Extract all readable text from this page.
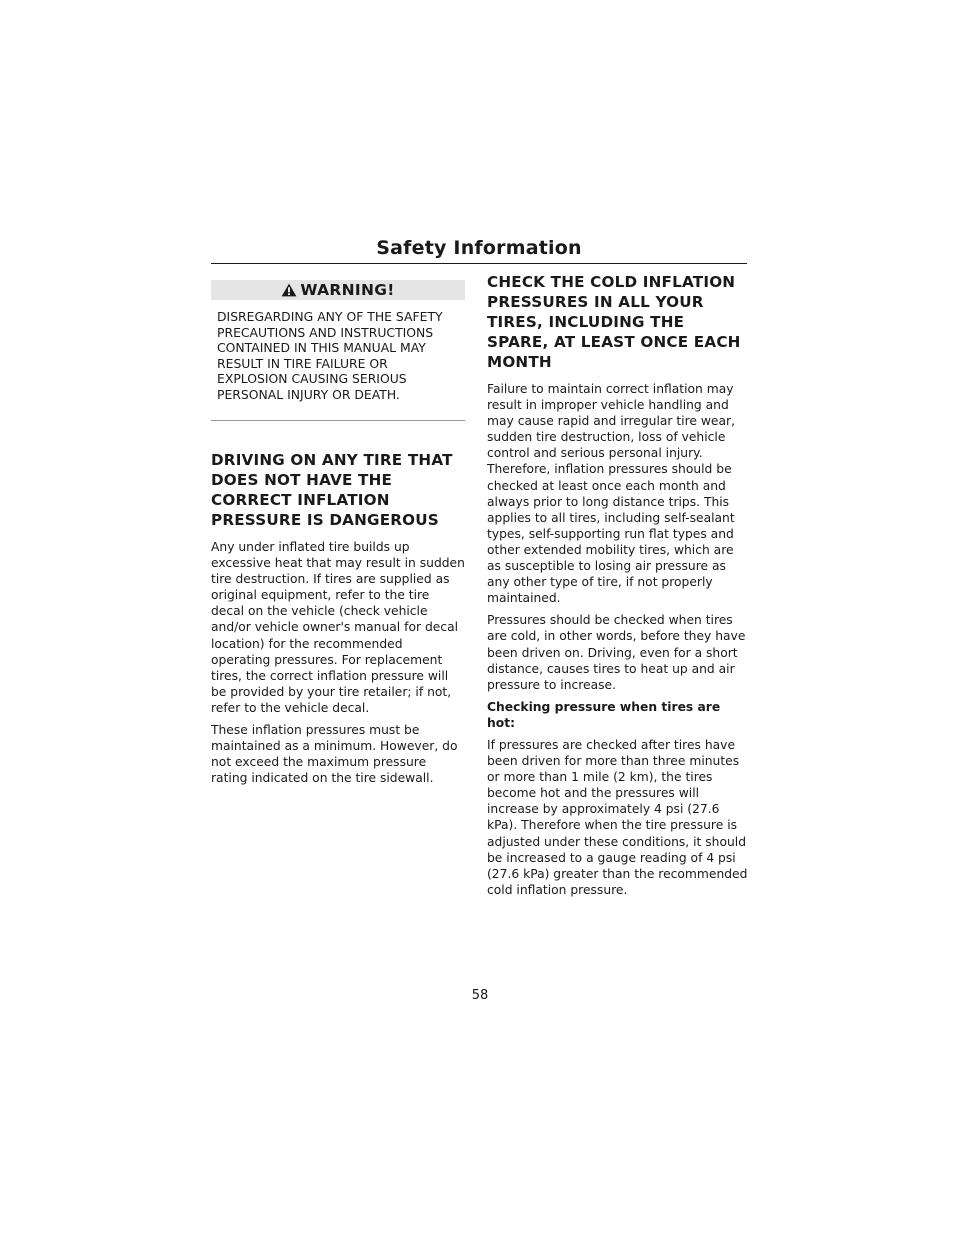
Safety Information
WARNING!

DISREGARDING ANY OF THE SAFETY PRECAUTIONS AND INSTRUCTIONS CONTAINED IN THIS MANUAL MAY RESULT IN TIRE FAILURE OR EXPLOSION CAUSING SERIOUS PERSONAL INJURY OR DEATH.

DRIVING ON ANY TIRE THAT
DOES NOT HAVE THE
CORRECT INFLATION
PRESSURE IS DANGEROUS

Any under inflated tire builds up excessive heat that may result in sudden tire destruction. If tires are supplied as original equipment, refer to the tire decal on the vehicle (check vehicle and/or vehicle owner's manual for decal location) for the recommended operating pressures. For replacement tires, the correct inflation pressure will be provided by your tire retailer; if not, refer to the vehicle decal.

These inflation pressures must be maintained as a minimum. However, do not exceed the maximum pressure rating indicated on the tire sidewall.

CHECK THE COLD INFLATION
PRESSURES IN ALL YOUR
TIRES, INCLUDING THE
SPARE, AT LEAST ONCE EACH
MONTH

Failure to maintain correct inflation may result in improper vehicle handling and may cause rapid and irregular tire wear, sudden tire destruction, loss of vehicle control and serious personal injury. Therefore, inflation pressures should be checked at least once each month and always prior to long distance trips. This applies to all tires, including self-sealant types, self-supporting run flat types and other extended mobility tires, which are as susceptible to losing air pressure as any other type of tire, if not properly maintained.

Pressures should be checked when tires are cold, in other words, before they have been driven on. Driving, even for a short distance, causes tires to heat up and air pressure to increase.

Checking pressure when tires are hot:

If pressures are checked after tires have been driven for more than three minutes or more than 1 mile (2 km), the tires become hot and the pressures will increase by approximately 4 psi (27.6 kPa). Therefore when the tire pressure is adjusted under these conditions, it should be increased to a gauge reading of 4 psi (27.6 kPa) greater than the recommended cold inflation pressure.

58
